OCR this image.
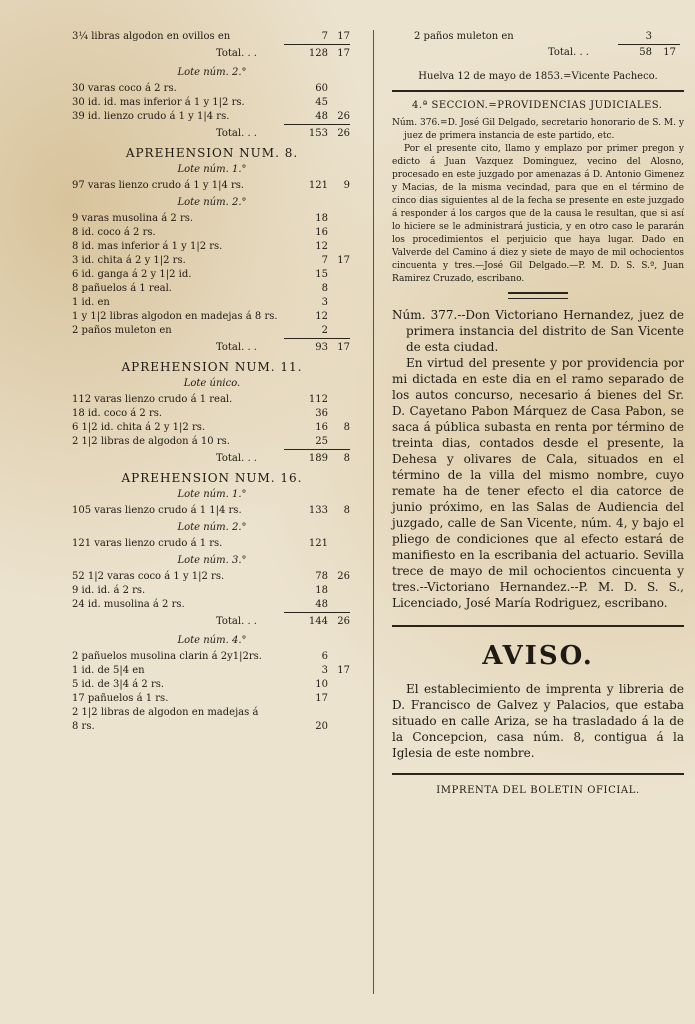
3¼ libras algodon en ovillos en	7 17
Total. . .	128 17
Lote núm. 2.°
30 varas coco á 2 rs.	60
30 id. id. mas inferior á 1 y 1|2 rs.	45
39 id. lienzo crudo á 1 y 1|4 rs.	48 26
Total. . .	153 26
APREHENSION NUM. 8.
Lote núm. 1.°
97 varas lienzo crudo á 1 y 1|4 rs.	121	9
Lote núm. 2.°
9 varas musolina á 2 rs.	18
8 id. coco á 2 rs.	16
8 id. mas inferior á 1 y 1|2 rs.	12
3 id. chita á 2 y 1|2 rs.	7 17
6 id. ganga á 2 y 1|2 id.	15
8 pañuelos á 1 real.	8
1 id. en	3
1 y 1|2 libras algodon en madejas á 8 rs.	12
2 paños muleton en	2
Total. . .	93 17
APREHENSION NUM. 11.
Lote único.
112 varas lienzo crudo á 1 real.	112
18 id. coco á 2 rs.	36
6 1|2 id. chita á 2 y 1|2 rs.	16	8
2 1|2 libras de algodon á 10 rs.	25
Total. . .	189	8
APREHENSION NUM. 16.
Lote núm. 1.°
105 varas lienzo crudo á 1 1|4 rs.	133	8
Lote núm. 2.°
121 varas lienzo crudo á 1 rs.	121
Lote núm. 3.°
52 1|2 varas coco á 1 y 1|2 rs.	78 26
9 id. id. á 2 rs.	18
24 id. musolina á 2 rs.	48
Total. . .	144 26
Lote núm. 4.°
2 pañuelos musolina clarin á 2y1|2rs.	6
1 id. de 5|4 en	3 17
5 id. de 3|4 á 2 rs.	10
17 pañuelos á 1 rs.	17
2 1|2 libras de algodon en madejas á
8 rs.	20
2 paños muleton en	3
Total. . .	58	17
Huelva 12 de mayo de 1853.=Vicente Pacheco.
4.ª SECCION.=PROVIDENCIAS JUDICIALES.

Núm. 376.=D. José Gil Delgado, secretario honorario de S. M. y juez de primera instancia de este partido, etc.

Por el presente cito, llamo y emplazo por primer pregon y edicto á Juan Vazquez Dominguez, vecino del Alosno, procesado en este juzgado por amenazas á D. Antonio Gimenez y Macias, de la misma vecindad, para que en el término de cinco dias siguientes al de la fecha se presente en este juzgado á responder á los cargos que de la causa le resultan, que si así lo hiciere se le administrará justicia, y en otro caso le pararán los procedimientos el perjuicio que haya lugar. Dado en Valverde del Camino á diez y siete de mayo de mil ochocientos cincuenta y tres.—José Gil Delgado.—P. M. D. S. S.ª, Juan Ramirez Cruzado, escribano.

Núm. 377.--Don Victoriano Hernandez, juez de primera instancia del distrito de San Vicente de esta ciudad.

En virtud del presente y por providencia por mi dictada en este dia en el ramo separado de los autos concurso, necesario á bienes del Sr. D. Cayetano Pabon Márquez de Casa Pabon, se saca á pública subasta en renta por término de treinta dias, contados desde el presente, la Dehesa y olivares de Cala, situados en el término de la villa del mismo nombre, cuyo remate ha de tener efecto el dia catorce de junio próximo, en las Salas de Audiencia del juzgado, calle de San Vicente, núm. 4, y bajo el pliego de condiciones que al efecto estará de manifiesto en la escribania del actuario. Sevilla trece de mayo de mil ochocientos cincuenta y tres.--Victoriano Hernandez.--P. M. D. S. S., Licenciado, José María Rodriguez, escribano.

AVISO.

El establecimiento de imprenta y libreria de D. Francisco de Galvez y Palacios, que estaba situado en calle Ariza, se ha trasladado á la de la Concepcion, casa núm. 8, contigua á la Iglesia de este nombre.

IMPRENTA DEL BOLETIN OFICIAL.
